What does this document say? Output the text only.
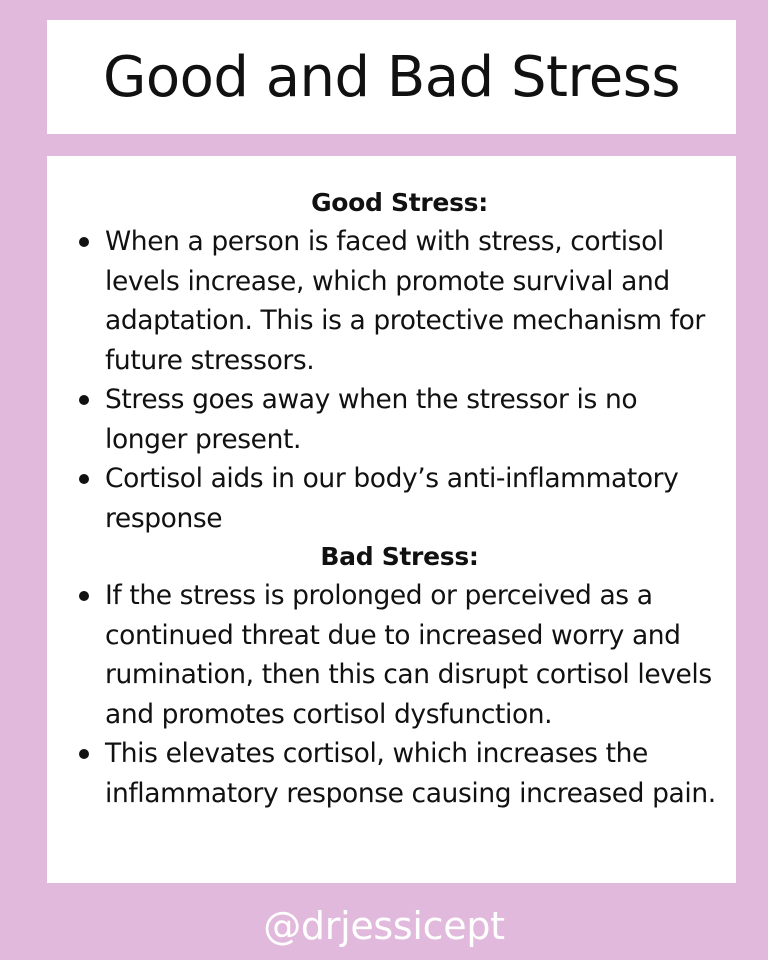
Good and Bad Stress
Good Stress:
When a person is faced with stress, cortisol levels increase, which promote survival and adaptation. This is a protective mechanism for future stressors.
Stress goes away when the stressor is no longer present.
Cortisol aids in our body’s anti-inflammatory response
Bad Stress:
If the stress is prolonged or perceived as a continued threat due to increased worry and rumination, then this can disrupt cortisol levels and promotes cortisol dysfunction.
This elevates cortisol, which increases the inflammatory response causing increased pain.
@drjessicept
